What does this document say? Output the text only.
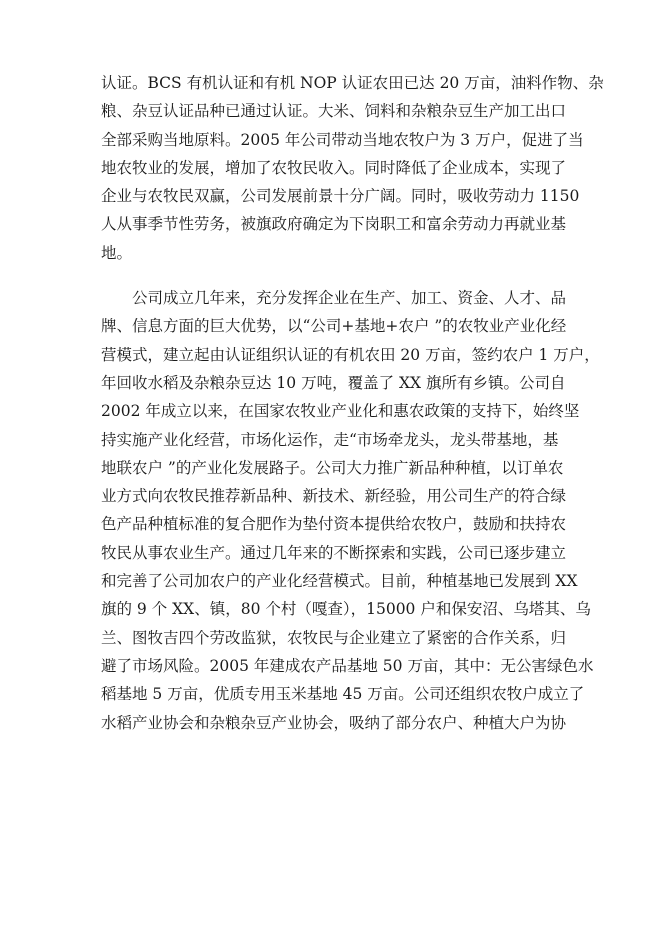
认证。BCS 有机认证和有机 NOP 认证农田已达 20 万亩，油料作物、杂
粮、杂豆认证品种已通过认证。大米、饲料和杂粮杂豆生产加工出口
全部采购当地原料。2005 年公司带动当地农牧户为 3 万户，促进了当
地农牧业的发展，增加了农牧民收入。同时降低了企业成本，实现了
企业与农牧民双赢，公司发展前景十分广阔。同时，吸收劳动力 1150
人从事季节性劳务，被旗政府确定为下岗职工和富余劳动力再就业基
地。
公司成立几年来，充分发挥企业在生产、加工、资金、人才、品
牌、信息方面的巨大优势，以“公司+基地+农户 ”的农牧业产业化经
营模式，建立起由认证组织认证的有机农田 20 万亩，签约农户 1 万户，
年回收水稻及杂粮杂豆达 10 万吨，覆盖了 XX 旗所有乡镇。公司自
2002 年成立以来，在国家农牧业产业化和惠农政策的支持下，始终坚
持实施产业化经营，市场化运作，走“市场牵龙头，龙头带基地，基
地联农户 ”的产业化发展路子。公司大力推广新品种种植，以订单农
业方式向农牧民推荐新品种、新技术、新经验，用公司生产的符合绿
色产品种植标准的复合肥作为垫付资本提供给农牧户，鼓励和扶持农
牧民从事农业生产。通过几年来的不断探索和实践，公司已逐步建立
和完善了公司加农户的产业化经营模式。目前，种植基地已发展到 XX
旗的 9 个 XX、镇，80 个村（嘎查），15000 户和保安沼、乌塔其、乌
兰、图牧吉四个劳改监狱，农牧民与企业建立了紧密的合作关系，归
避了市场风险。2005 年建成农产品基地 50 万亩，其中：无公害绿色水
稻基地 5 万亩，优质专用玉米基地 45 万亩。公司还组织农牧户成立了
水稻产业协会和杂粮杂豆产业协会，吸纳了部分农户、种植大户为协
